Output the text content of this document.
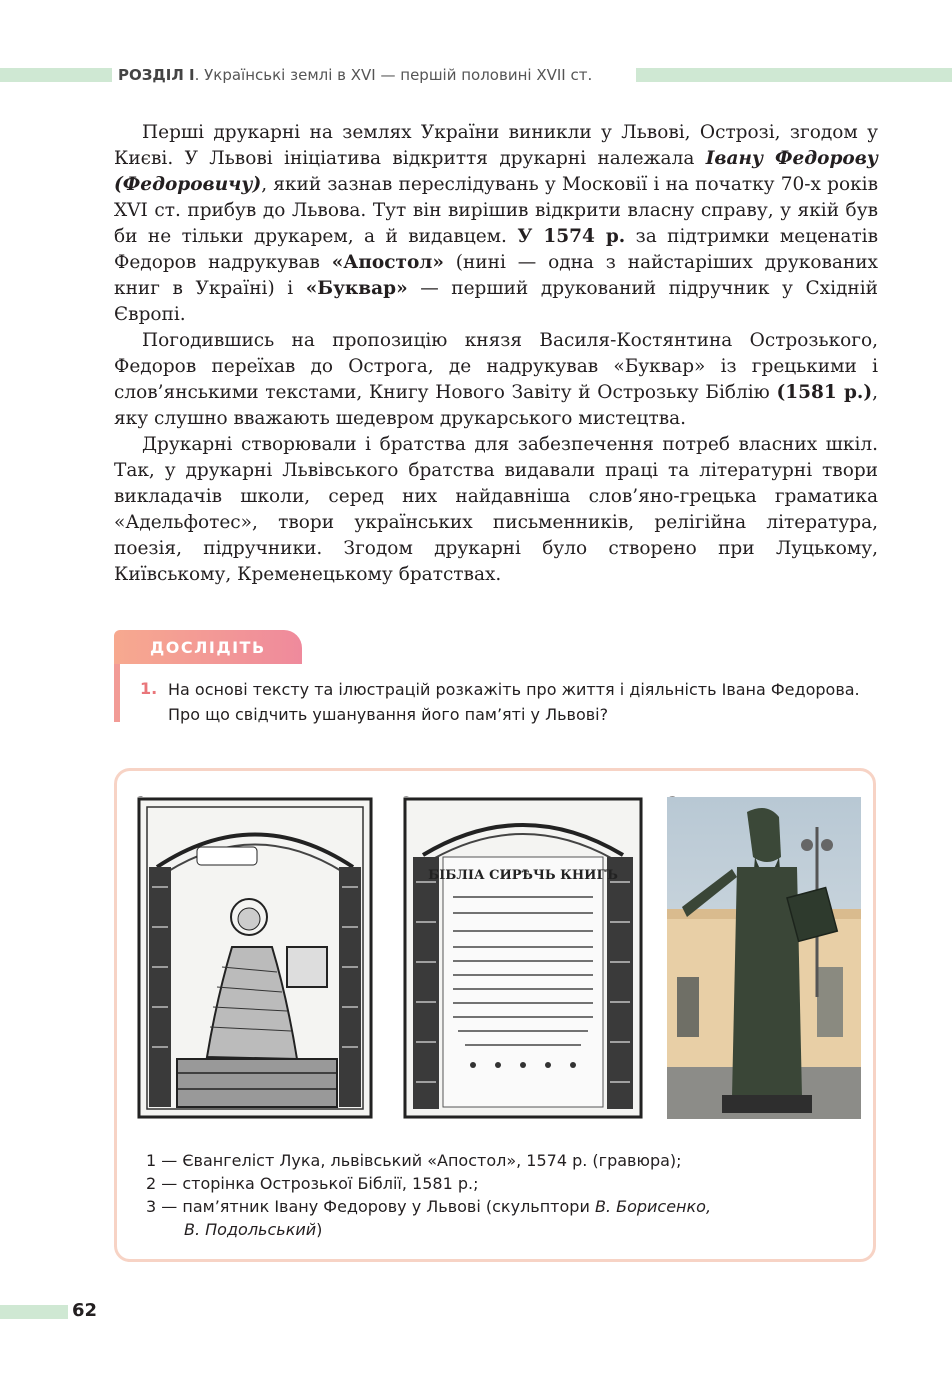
РОЗДІЛ І. Українські землі в XVI — першій половині XVII ст.

Перші друкарні на землях України виникли у Львові, Острозі, згодом у Києві. У Львові ініціатива відкриття друкарні належала Івану Федорову (Федоровичу), який зазнав переслідувань у Московії і на початку 70-х років XVI ст. прибув до Львова. Тут він вирішив відкрити власну справу, у якій був би не тільки друкарем, а й видавцем. У 1574 р. за підтримки меценатів Федоров надрукував «Апостол» (нині — одна з найстаріших друкованих книг в Україні) і «Буквар» — перший друкований підручник у Східній Європі.

Погодившись на пропозицію князя Василя-Костянтина Острозького, Федоров переїхав до Острога, де надрукував «Буквар» із грецькими і слов’янськими текстами, Книгу Нового Завіту й Острозьку Біблію (1581 р.), яку слушно вважають шедевром друкарського мистецтва.

Друкарні створювали і братства для забезпечення потреб власних шкіл. Так, у друкарні Львівського братства видавали праці та літературні твори викладачів школи, серед них найдавніша слов’яно-грецька граматика «Адельфотес», твори українських письменників, релігійна література, поезія, підручники. Згодом друкарні було створено при Луцькому, Київському, Кременецькому братствах.

ДОСЛІДІТЬ
1. На основі тексту та ілюстрацій розкажіть про життя і діяльність Івана Федорова. Про що свідчить ушанування його пам’яті у Львові?
БІБЛІА СИРѢЧЬ КНИГЪ
1 — Євангеліст Лука, львівський «Апостол», 1574 р. (гравюра);
2 — сторінка Острозької Біблії, 1581 р.;
3 — пам’ятник Івану Федорову у Львові (скульптори В. Борисенко,
В. Подольський)
62
